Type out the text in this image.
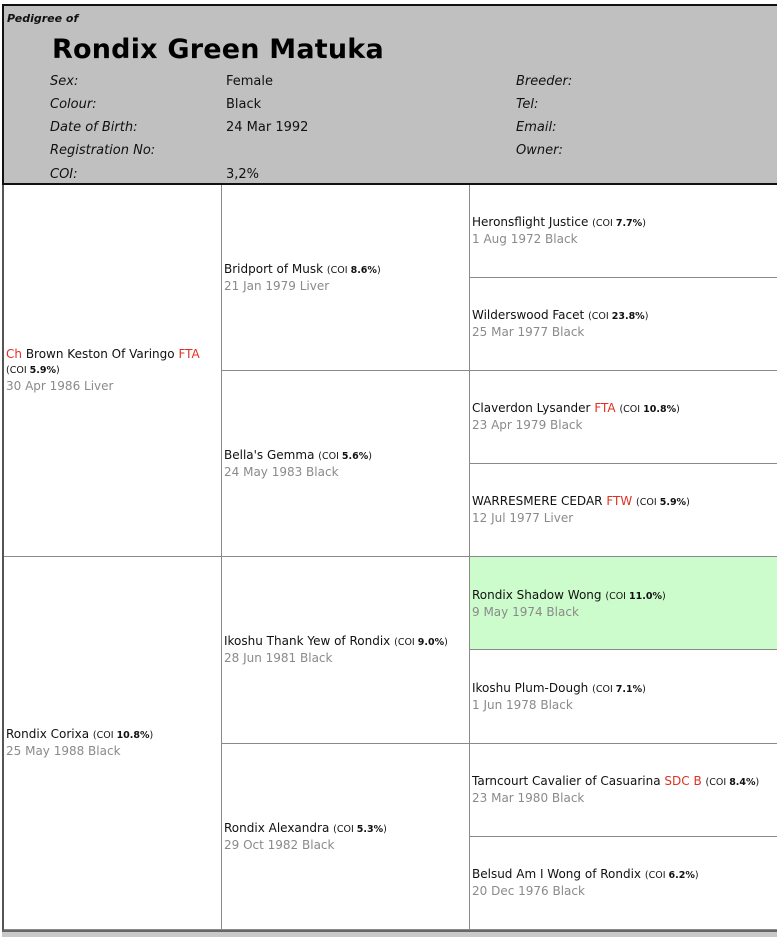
Pedigree of
Rondix Green Matuka
Sex:	Female
Colour:	Black
Date of Birth:	24 Mar 1992
Registration No:
COI:	3,2%
Breeder:
Tel:
Email:
Owner:
Ch Brown Keston Of Varingo FTA
(COI 5.9%)
30 Apr 1986 Liver
Rondix Corixa (COI 10.8%)
25 May 1988 Black
Bridport of Musk (COI 8.6%)
21 Jan 1979 Liver
Bella's Gemma (COI 5.6%)
24 May 1983 Black
Ikoshu Thank Yew of Rondix (COI 9.0%)
28 Jun 1981 Black
Rondix Alexandra (COI 5.3%)
29 Oct 1982 Black
Heronsflight Justice (COI 7.7%)
1 Aug 1972 Black
Wilderswood Facet (COI 23.8%)
25 Mar 1977 Black
Claverdon Lysander FTA (COI 10.8%)
23 Apr 1979 Black
WARRESMERE CEDAR FTW (COI 5.9%)
12 Jul 1977 Liver
Rondix Shadow Wong (COI 11.0%)
9 May 1974 Black
Ikoshu Plum-Dough (COI 7.1%)
1 Jun 1978 Black
Tarncourt Cavalier of Casuarina SDC B (COI 8.4%)
23 Mar 1980 Black
Belsud Am I Wong of Rondix (COI 6.2%)
20 Dec 1976 Black
